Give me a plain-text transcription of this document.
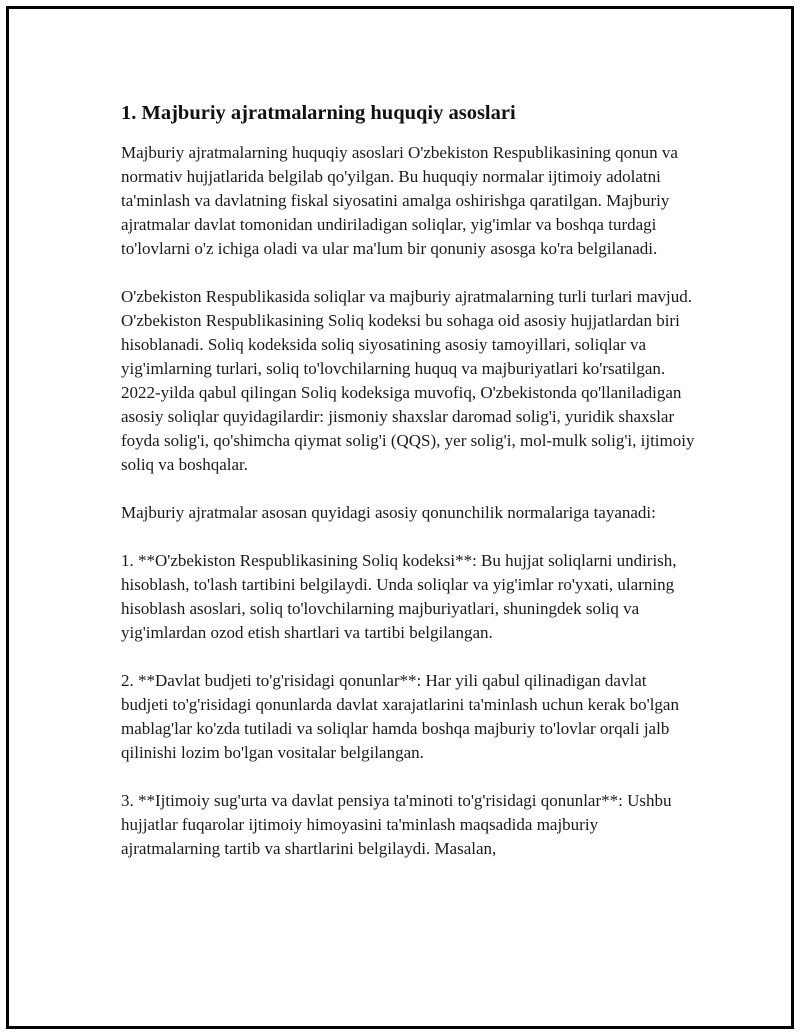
1. Majburiy ajratmalarning huquqiy asoslari

Majburiy ajratmalarning huquqiy asoslari O'zbekiston Respublikasining qonun va normativ hujjatlarida belgilab qo'yilgan. Bu huquqiy normalar ijtimoiy adolatni ta'minlash va davlatning fiskal siyosatini amalga oshirishga qaratilgan. Majburiy ajratmalar davlat tomonidan undiriladigan soliqlar, yig'imlar va boshqa turdagi to'lovlarni o'z ichiga oladi va ular ma'lum bir qonuniy asosga ko'ra belgilanadi.

O'zbekiston Respublikasida soliqlar va majburiy ajratmalarning turli turlari mavjud. O'zbekiston Respublikasining Soliq kodeksi bu sohaga oid asosiy hujjatlardan biri hisoblanadi. Soliq kodeksida soliq siyosatining asosiy tamoyillari, soliqlar va yig'imlarning turlari, soliq to'lovchilarning huquq va majburiyatlari ko'rsatilgan. 2022-yilda qabul qilingan Soliq kodeksiga muvofiq, O'zbekistonda qo'llaniladigan asosiy soliqlar quyidagilardir: jismoniy shaxslar daromad solig'i, yuridik shaxslar foyda solig'i, qo'shimcha qiymat solig'i (QQS), yer solig'i, mol-mulk solig'i, ijtimoiy soliq va boshqalar.

Majburiy ajratmalar asosan quyidagi asosiy qonunchilik normalariga tayanadi:

1. **O'zbekiston Respublikasining Soliq kodeksi**: Bu hujjat soliqlarni undirish, hisoblash, to'lash tartibini belgilaydi. Unda soliqlar va yig'imlar ro'yxati, ularning hisoblash asoslari, soliq to'lovchilarning majburiyatlari, shuningdek soliq va yig'imlardan ozod etish shartlari va tartibi belgilangan.

2. **Davlat budjeti to'g'risidagi qonunlar**: Har yili qabul qilinadigan davlat budjeti to'g'risidagi qonunlarda davlat xarajatlarini ta'minlash uchun kerak bo'lgan mablag'lar ko'zda tutiladi va soliqlar hamda boshqa majburiy to'lovlar orqali jalb qilinishi lozim bo'lgan vositalar belgilangan.

3. **Ijtimoiy sug'urta va davlat pensiya ta'minoti to'g'risidagi qonunlar**: Ushbu hujjatlar fuqarolar ijtimoiy himoyasini ta'minlash maqsadida majburiy ajratmalarning tartib va shartlarini belgilaydi. Masalan,
